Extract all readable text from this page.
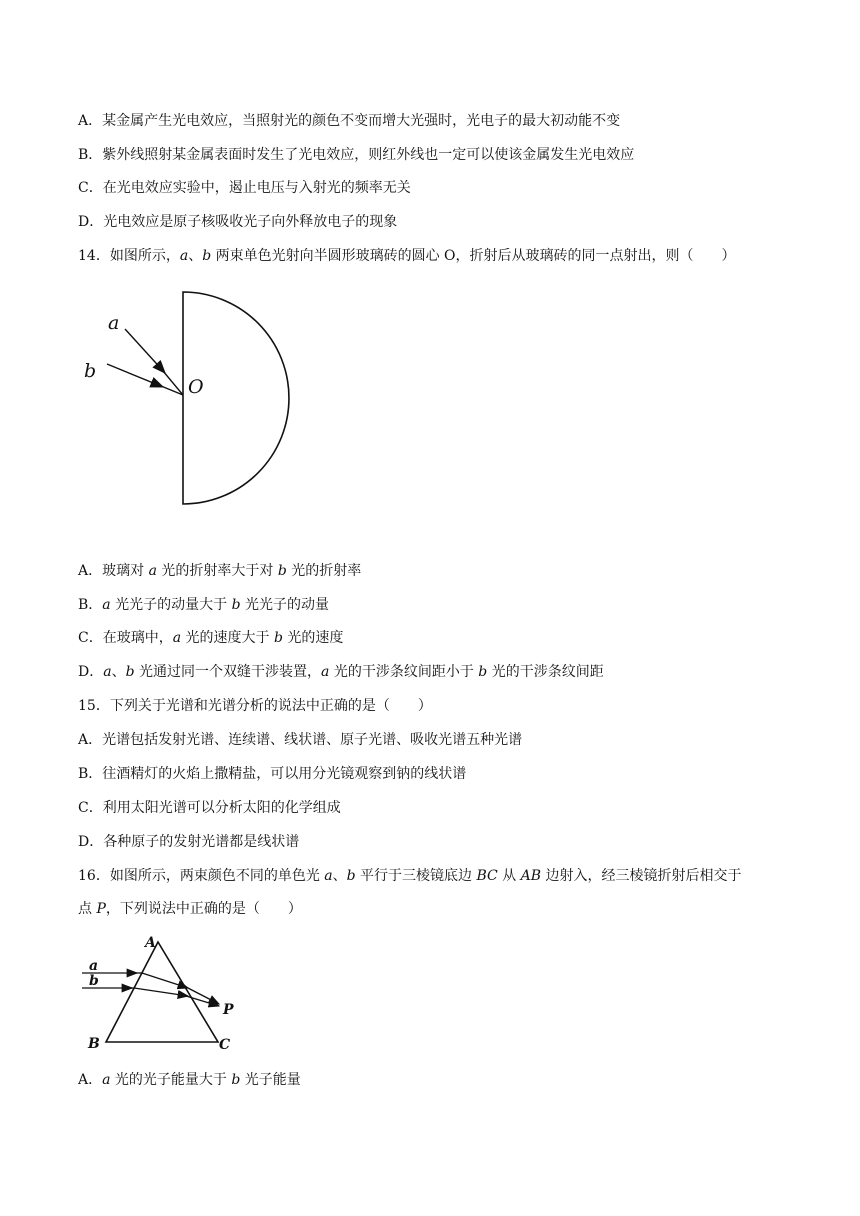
A．某金属产生光电效应，当照射光的颜色不变而增大光强时，光电子的最大初动能不变
B．紫外线照射某金属表面时发生了光电效应，则红外线也一定可以使该金属发生光电效应
C．在光电效应实验中，遏止电压与入射光的频率无关
D．光电效应是原子核吸收光子向外释放电子的现象
14．如图所示，a、b 两束单色光射向半圆形玻璃砖的圆心 O，折射后从玻璃砖的同一点射出，则（　　）
a
b
O
A．玻璃对 a 光的折射率大于对 b 光的折射率
B．a 光光子的动量大于 b 光光子的动量
C．在玻璃中，a 光的速度大于 b 光的速度
D．a、b 光通过同一个双缝干涉装置，a 光的干涉条纹间距小于 b 光的干涉条纹间距
15．下列关于光谱和光谱分析的说法中正确的是（　　）
A．光谱包括发射光谱、连续谱、线状谱、原子光谱、吸收光谱五种光谱
B．往酒精灯的火焰上撒精盐，可以用分光镜观察到钠的线状谱
C．利用太阳光谱可以分析太阳的化学组成
D．各种原子的发射光谱都是线状谱
16．如图所示，两束颜色不同的单色光 a、b 平行于三棱镜底边 BC 从 AB 边射入，经三棱镜折射后相交于
点 P，下列说法中正确的是（　　）
A
B	C
P
a
b
A．a 光的光子能量大于 b 光子能量
